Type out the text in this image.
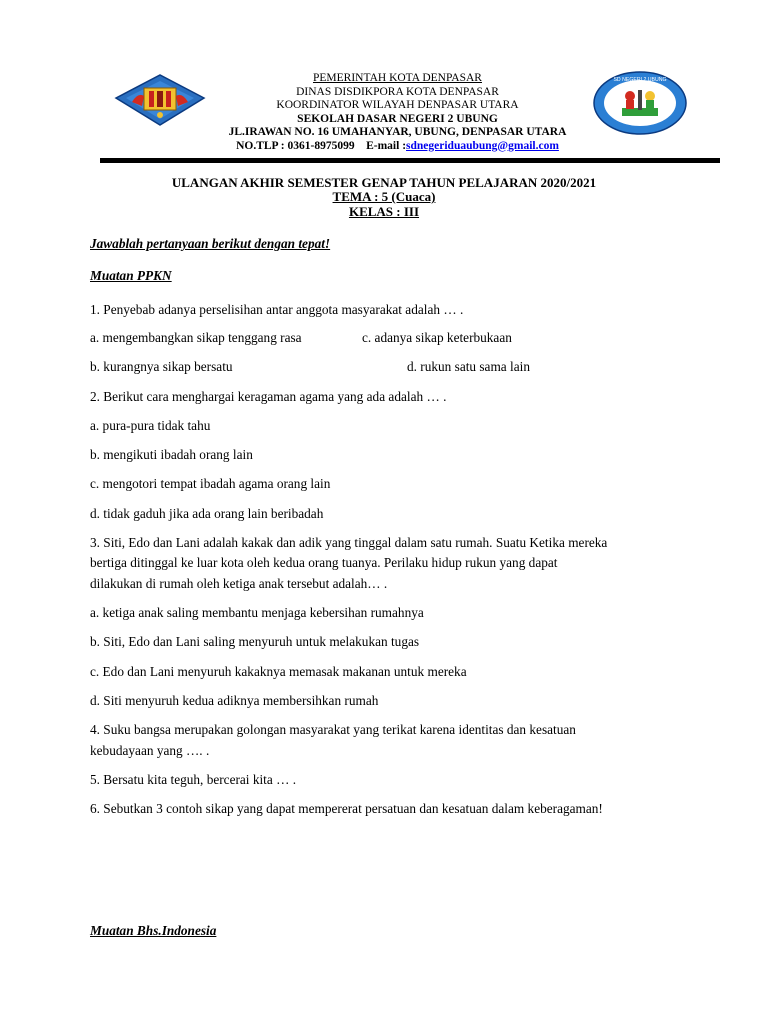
PEMERINTAH KOTA DENPASAR
DINAS DISDIKPORA KOTA DENPASAR
KOORDINATOR WILAYAH DENPASAR UTARA
SEKOLAH DASAR NEGERI 2 UBUNG
JL.IRAWAN NO. 16 UMAHANYAR, UBUNG, DENPASAR UTARA
NO.TLP : 0361-8975099 E-mail :sdnegeriduaubung@gmail.com
SD NEGERI 2 UBUNG
ULANGAN AKHIR SEMESTER GENAP TAHUN PELAJARAN 2020/2021
TEMA : 5 (Cuaca)
KELAS : III
Jawablah pertanyaan berikut dengan tepat!
Muatan PPKN
1. Penyebab adanya perselisihan antar anggota masyarakat adalah … .
a. mengembangkan sikap tenggang rasa	c. adanya sikap keterbukaan
b. kurangnya sikap bersatu	d. rukun satu sama lain
2. Berikut cara menghargai keragaman agama yang ada adalah … .
a. pura-pura tidak tahu
b. mengikuti ibadah orang lain
c. mengotori tempat ibadah agama orang lain
d. tidak gaduh jika ada orang lain beribadah
3. Siti, Edo dan Lani adalah kakak dan adik yang tinggal dalam satu rumah. Suatu Ketika mereka
bertiga ditinggal ke luar kota oleh kedua orang tuanya. Perilaku hidup rukun yang dapat
dilakukan di rumah oleh ketiga anak tersebut adalah… .
a. ketiga anak saling membantu menjaga kebersihan rumahnya
b. Siti, Edo dan Lani saling menyuruh untuk melakukan tugas
c. Edo dan Lani menyuruh kakaknya memasak makanan untuk mereka
d. Siti menyuruh kedua adiknya membersihkan rumah
4. Suku bangsa merupakan golongan masyarakat yang terikat karena identitas dan kesatuan
kebudayaan yang …. .
5. Bersatu kita teguh, bercerai kita … .
6. Sebutkan 3 contoh sikap yang dapat mempererat persatuan dan kesatuan dalam keberagaman!
Muatan Bhs.Indonesia
